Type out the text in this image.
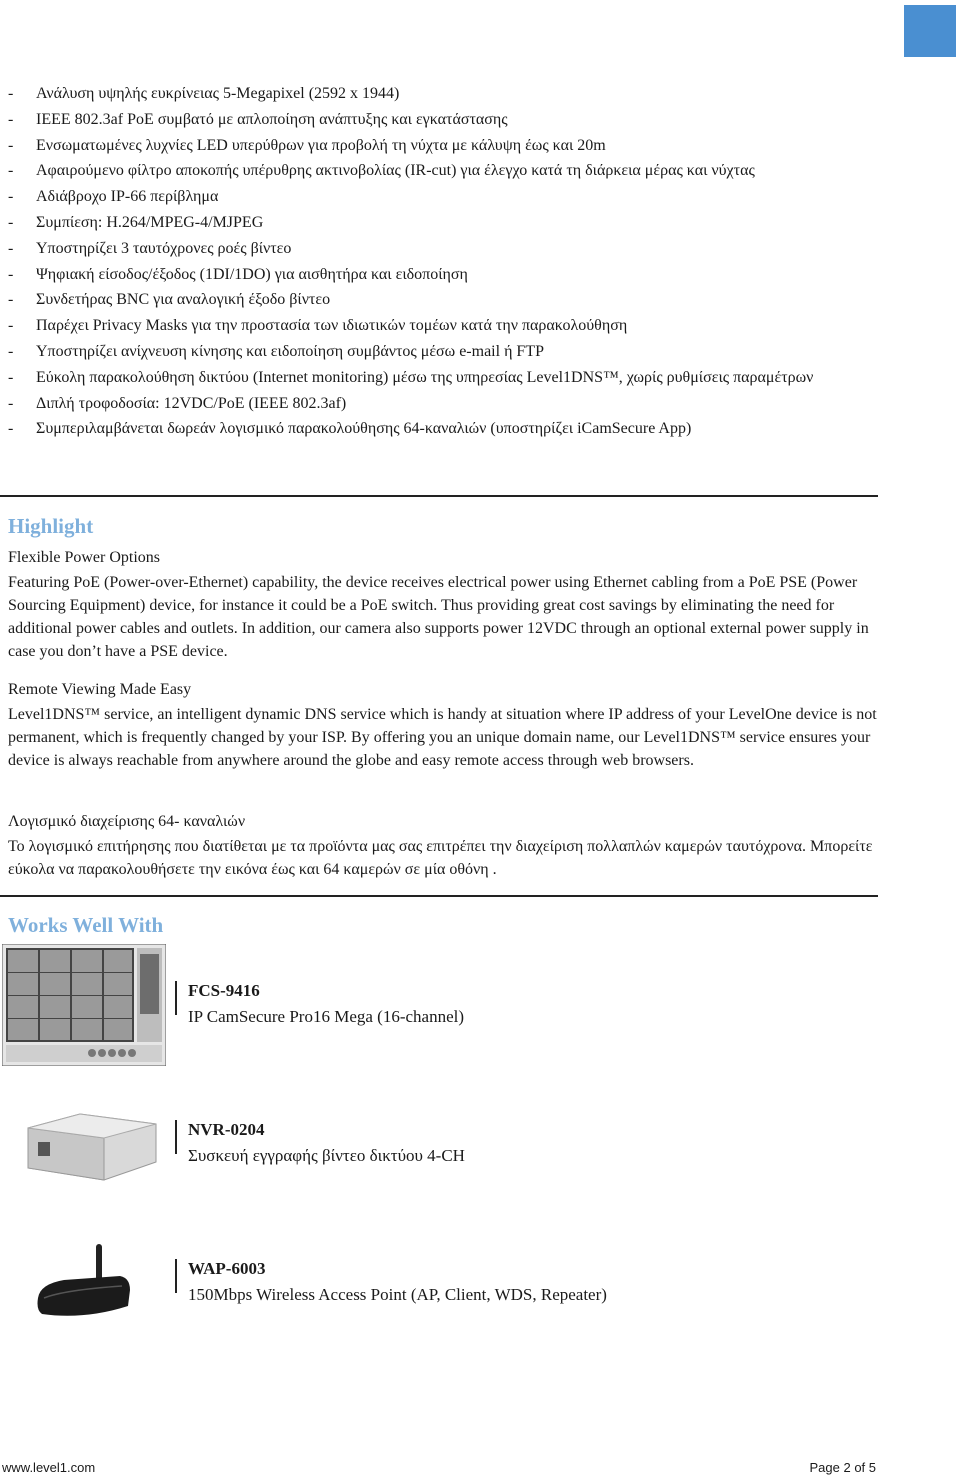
-	Ανάλυση υψηλής ευκρίνειας 5-Megapixel (2592 x 1944)
-	IEEE 802.3af PoE συμβατό με απλοποίηση ανάπτυξης και εγκατάστασης
-	Ενσωματωμένες λυχνίες LED υπερύθρων για προβολή τη νύχτα με κάλυψη έως και 20m
-	Αφαιρούμενο φίλτρο αποκοπής υπέρυθρης ακτινοβολίας (IR-cut) για έλεγχο κατά τη διάρκεια μέρας και νύχτας
-	Αδιάβροχο IP-66 περίβλημα
-	Συμπίεση: H.264/MPEG-4/MJPEG
-	Υποστηρίζει 3 ταυτόχρονες ροές βίντεο
-	Ψηφιακή είσοδος/έξοδος (1DI/1DO) για αισθητήρα και ειδοποίηση
-	Συνδετήρας BNC για αναλογική έξοδο βίντεο
-	Παρέχει Privacy Masks για την προστασία των ιδιωτικών τομέων κατά την παρακολούθηση
-	Υποστηρίζει ανίχνευση κίνησης και ειδοποίηση συμβάντος μέσω e-mail ή FTP
-	Εύκολη παρακολούθηση δικτύου (Internet monitoring) μέσω της υπηρεσίας Level1DNS™, χωρίς ρυθμίσεις παραμέτρων
-	Διπλή τροφοδοσία: 12VDC/PoE (IEEE 802.3af)
-	Συμπεριλαμβάνεται δωρεάν λογισμικό παρακολούθησης 64-καναλιών (υποστηρίζει iCamSecure App)
Highlight
Flexible Power Options
Featuring PoE (Power-over-Ethernet) capability, the device receives electrical power using Ethernet cabling from a PoE PSE (Power Sourcing Equipment) device, for instance it could be a PoE switch. Thus providing great cost savings by eliminating the need for additional power cables and outlets. In addition, our camera also supports power 12VDC through an optional external power supply in case you don’t have a PSE device.
Remote Viewing Made Easy
Level1DNS™ service, an intelligent dynamic DNS service which is handy at situation where IP address of your LevelOne device is not permanent, which is frequently changed by your ISP. By offering you an unique domain name, our Level1DNS™ service ensures your device is always reachable from anywhere around the globe and easy remote access through web browsers.
Λογισμικό διαχείρισης 64- καναλιών
Το λογισμικό επιτήρησης που διατίθεται με τα προϊόντα μας σας επιτρέπει την διαχείριση πολλαπλών καμερών ταυτόχρονα. Μπορείτε εύκολα να παρακολουθήσετε την εικόνα έως και 64 καμερών σε μία οθόνη .
Works Well With
FCS-9416
IP CamSecure Pro16 Mega (16-channel)
NVR-0204
Συσκευή εγγραφής βίντεο δικτύου 4-CH
WAP-6003
150Mbps Wireless Access Point (AP, Client, WDS, Repeater)
www.level1.com	Page 2 of 5
